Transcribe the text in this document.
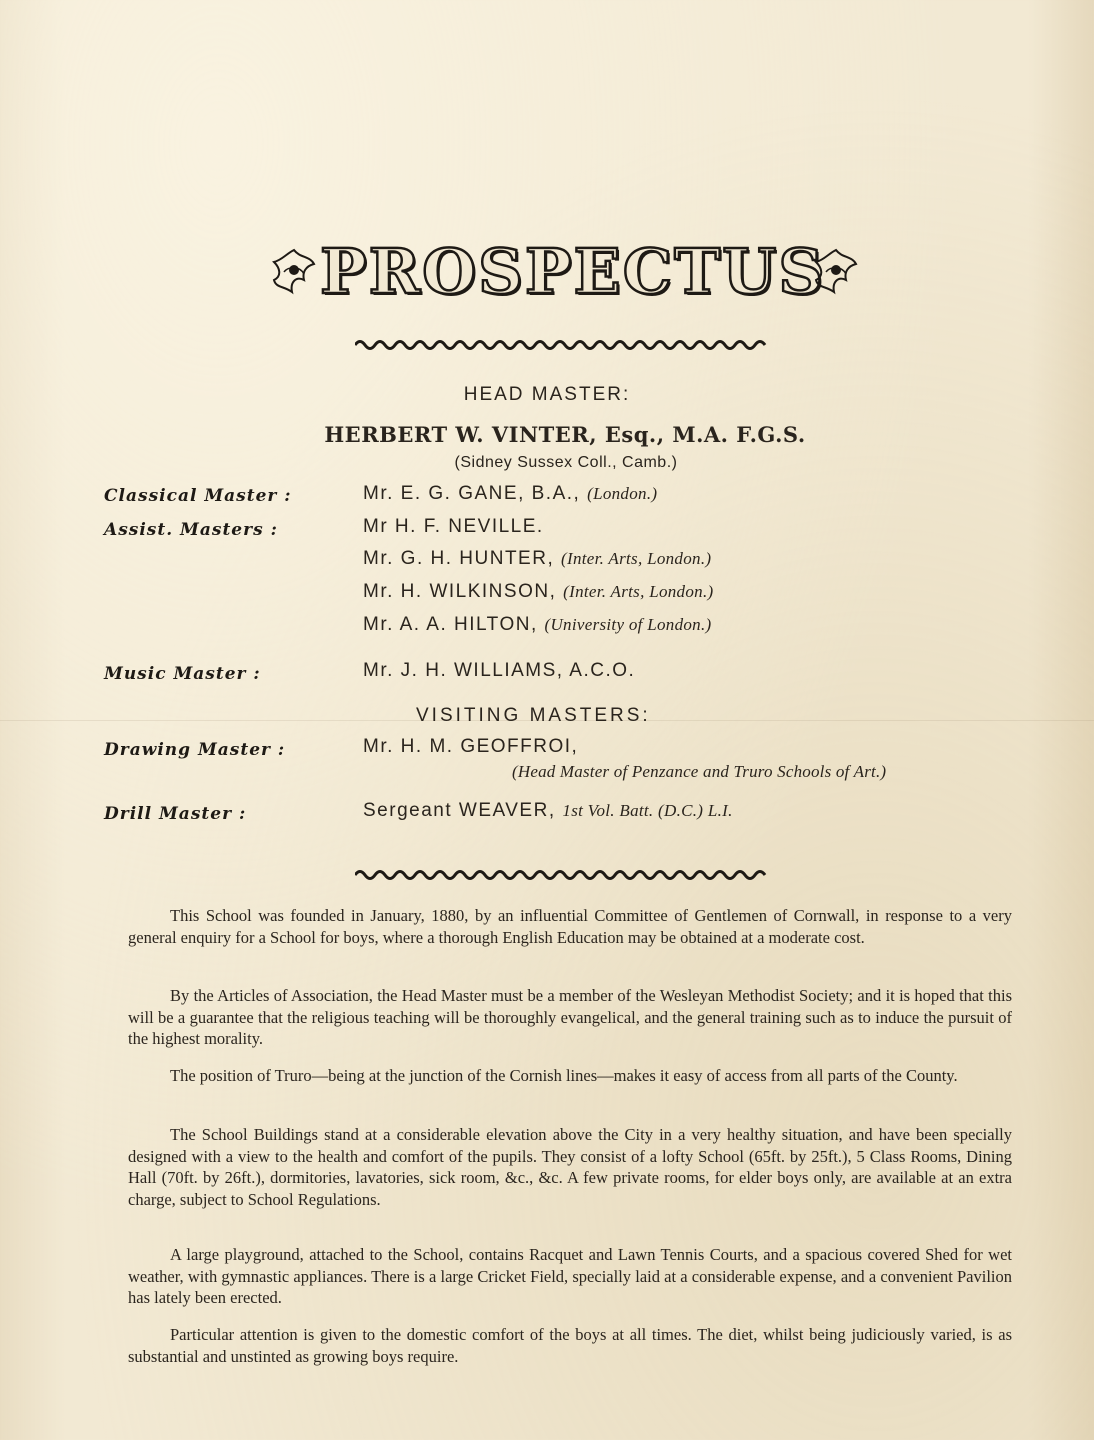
PROSPECTUS
HEAD MASTER:
HERBERT W. VINTER, Esq., M.A. F.G.S.
(Sidney Sussex Coll., Camb.)
Classical Master :	Mr. E. G. GANE, B.A., (London.)
Assist. Masters :	Mr H. F. NEVILLE.
Mr. G. H. HUNTER, (Inter. Arts, London.)
Mr. H. WILKINSON, (Inter. Arts, London.)
Mr. A. A. HILTON, (University of London.)
Music Master :	Mr. J. H. WILLIAMS, A.C.O.
VISITING MASTERS:
Drawing Master :	Mr. H. M. GEOFFROI,
(Head Master of Penzance and Truro Schools of Art.)
Drill Master :	Sergeant WEAVER, 1st Vol. Batt. (D.C.) L.I.

This School was founded in January, 1880, by an influential Committee of Gentlemen of Cornwall, in response to a very general enquiry for a School for boys, where a thorough English Education may be obtained at a moderate cost.

By the Articles of Association, the Head Master must be a member of the Wesleyan Methodist Society; and it is hoped that this will be a guarantee that the religious teaching will be thoroughly evangelical, and the general training such as to induce the pursuit of the highest morality.

The position of Truro—being at the junction of the Cornish lines—makes it easy of access from all parts of the County.

The School Buildings stand at a considerable elevation above the City in a very healthy situation, and have been specially designed with a view to the health and comfort of the pupils. They consist of a lofty School (65ft. by 25ft.), 5 Class Rooms, Dining Hall (70ft. by 26ft.), dormitories, lavatories, sick room, &c., &c. A few private rooms, for elder boys only, are available at an extra charge, subject to School Regulations.

A large playground, attached to the School, contains Racquet and Lawn Tennis Courts, and a spacious covered Shed for wet weather, with gymnastic appliances. There is a large Cricket Field, specially laid at a considerable expense, and a convenient Pavilion has lately been erected.

Particular attention is given to the domestic comfort of the boys at all times. The diet, whilst being judiciously varied, is as substantial and unstinted as growing boys require.
